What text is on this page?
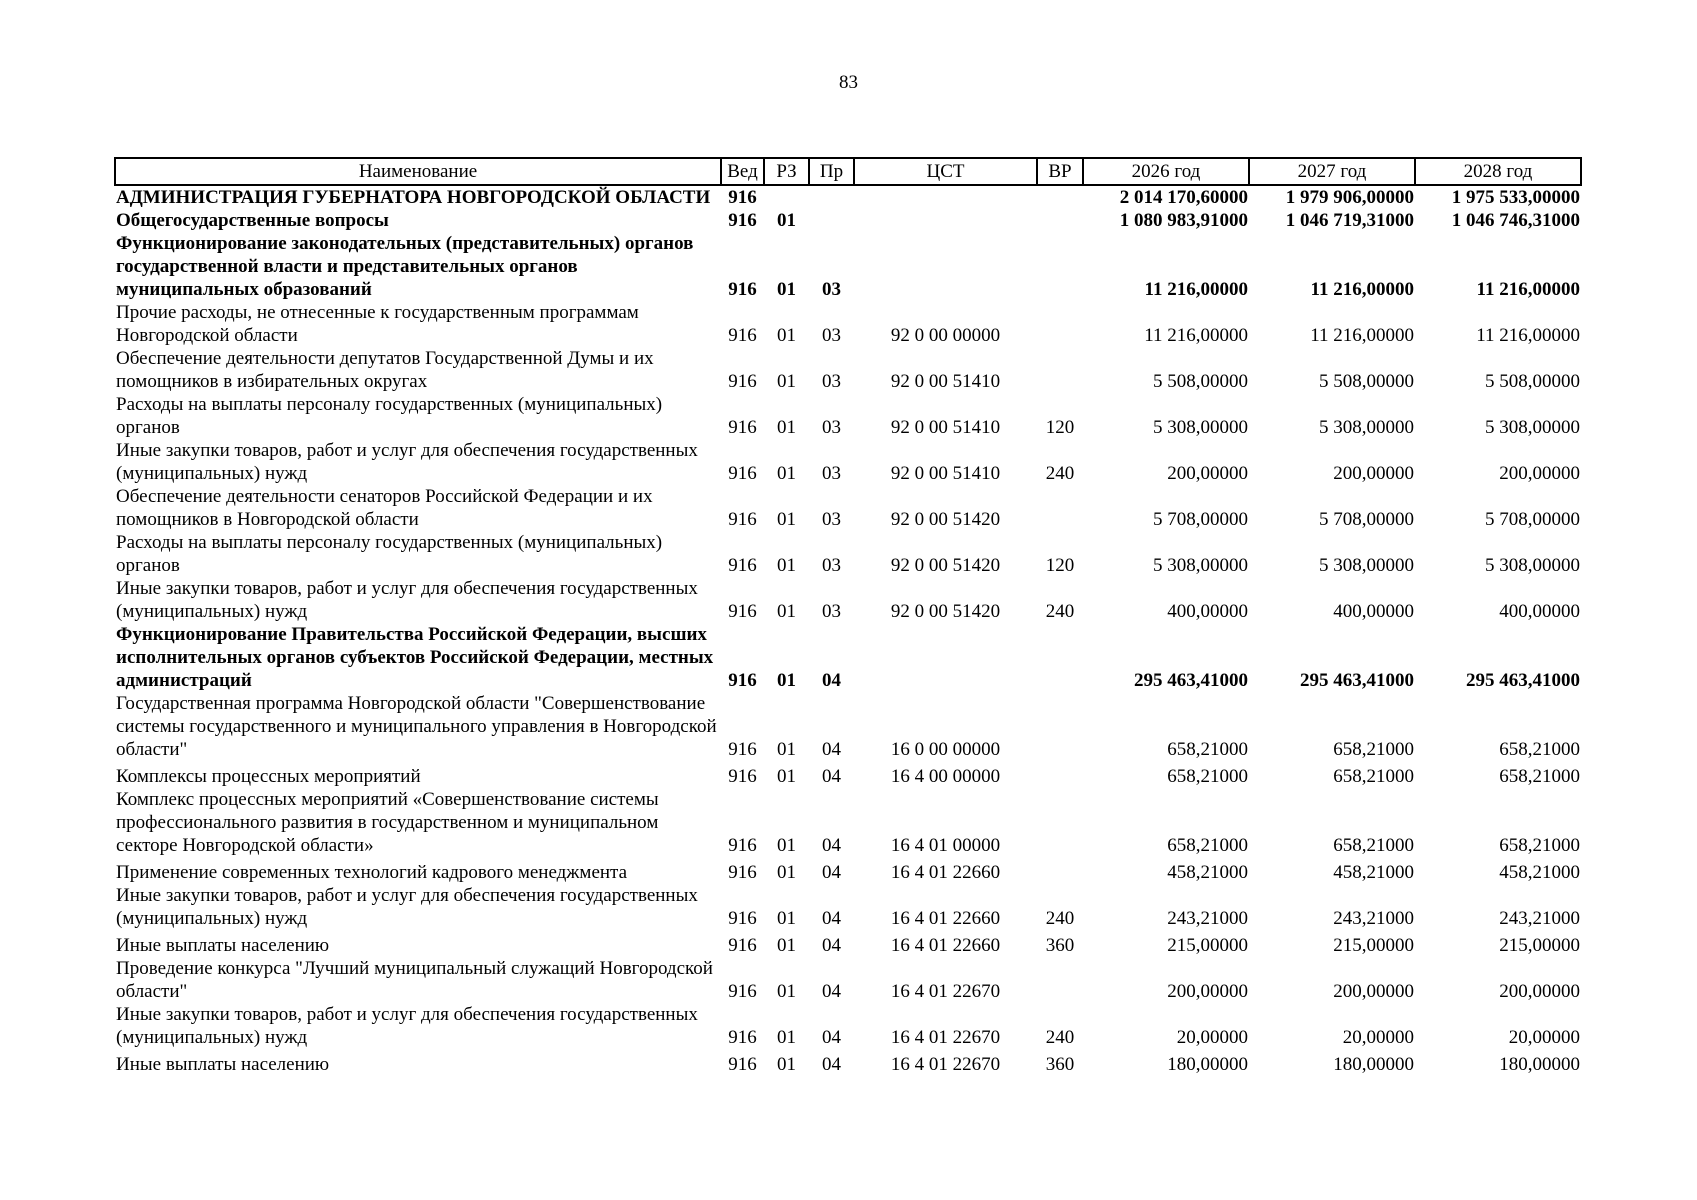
83
Наименование	Вед	РЗ	Пр	ЦСТ	ВР	2026 год	2027 год	2028 год
АДМИНИСТРАЦИЯ ГУБЕРНАТОРА НОВГОРОДСКОЙ ОБЛАСТИ	916					2 014 170,60000	1 979 906,00000	1 975 533,00000
Общегосударственные вопросы	916	01				1 080 983,91000	1 046 719,31000	1 046 746,31000
Функционирование законодательных (представительных) органов государственной власти и представительных органов муниципальных образований	916	01	03			11 216,00000	11 216,00000	11 216,00000
Прочие расходы, не отнесенные к государственным программам Новгородской области	916	01	03	92 0 00 00000		11 216,00000	11 216,00000	11 216,00000
Обеспечение деятельности депутатов Государственной Думы и их помощников в избирательных округах	916	01	03	92 0 00 51410		5 508,00000	5 508,00000	5 508,00000
Расходы на выплаты персоналу государственных (муниципальных) органов	916	01	03	92 0 00 51410	120	5 308,00000	5 308,00000	5 308,00000
Иные закупки товаров, работ и услуг для обеспечения государственных (муниципальных) нужд	916	01	03	92 0 00 51410	240	200,00000	200,00000	200,00000
Обеспечение деятельности сенаторов Российской Федерации и их помощников в Новгородской области	916	01	03	92 0 00 51420		5 708,00000	5 708,00000	5 708,00000
Расходы на выплаты персоналу государственных (муниципальных) органов	916	01	03	92 0 00 51420	120	5 308,00000	5 308,00000	5 308,00000
Иные закупки товаров, работ и услуг для обеспечения государственных (муниципальных) нужд	916	01	03	92 0 00 51420	240	400,00000	400,00000	400,00000
Функционирование Правительства Российской Федерации, высших исполнительных органов субъектов Российской Федерации, местных администраций	916	01	04			295 463,41000	295 463,41000	295 463,41000
Государственная программа Новгородской области "Совершенствование системы государственного и муниципального управления в Новгородской области"	916	01	04	16 0 00 00000		658,21000	658,21000	658,21000
Комплексы процессных мероприятий	916	01	04	16 4 00 00000		658,21000	658,21000	658,21000
Комплекс процессных мероприятий «Совершенствование системы профессионального развития в государственном и муниципальном секторе Новгородской области»	916	01	04	16 4 01 00000		658,21000	658,21000	658,21000
Применение современных технологий кадрового менеджмента	916	01	04	16 4 01 22660		458,21000	458,21000	458,21000
Иные закупки товаров, работ и услуг для обеспечения государственных (муниципальных) нужд	916	01	04	16 4 01 22660	240	243,21000	243,21000	243,21000
Иные выплаты населению	916	01	04	16 4 01 22660	360	215,00000	215,00000	215,00000
Проведение конкурса "Лучший муниципальный служащий Новгородской области"	916	01	04	16 4 01 22670		200,00000	200,00000	200,00000
Иные закупки товаров, работ и услуг для обеспечения государственных (муниципальных) нужд	916	01	04	16 4 01 22670	240	20,00000	20,00000	20,00000
Иные выплаты населению	916	01	04	16 4 01 22670	360	180,00000	180,00000	180,00000
